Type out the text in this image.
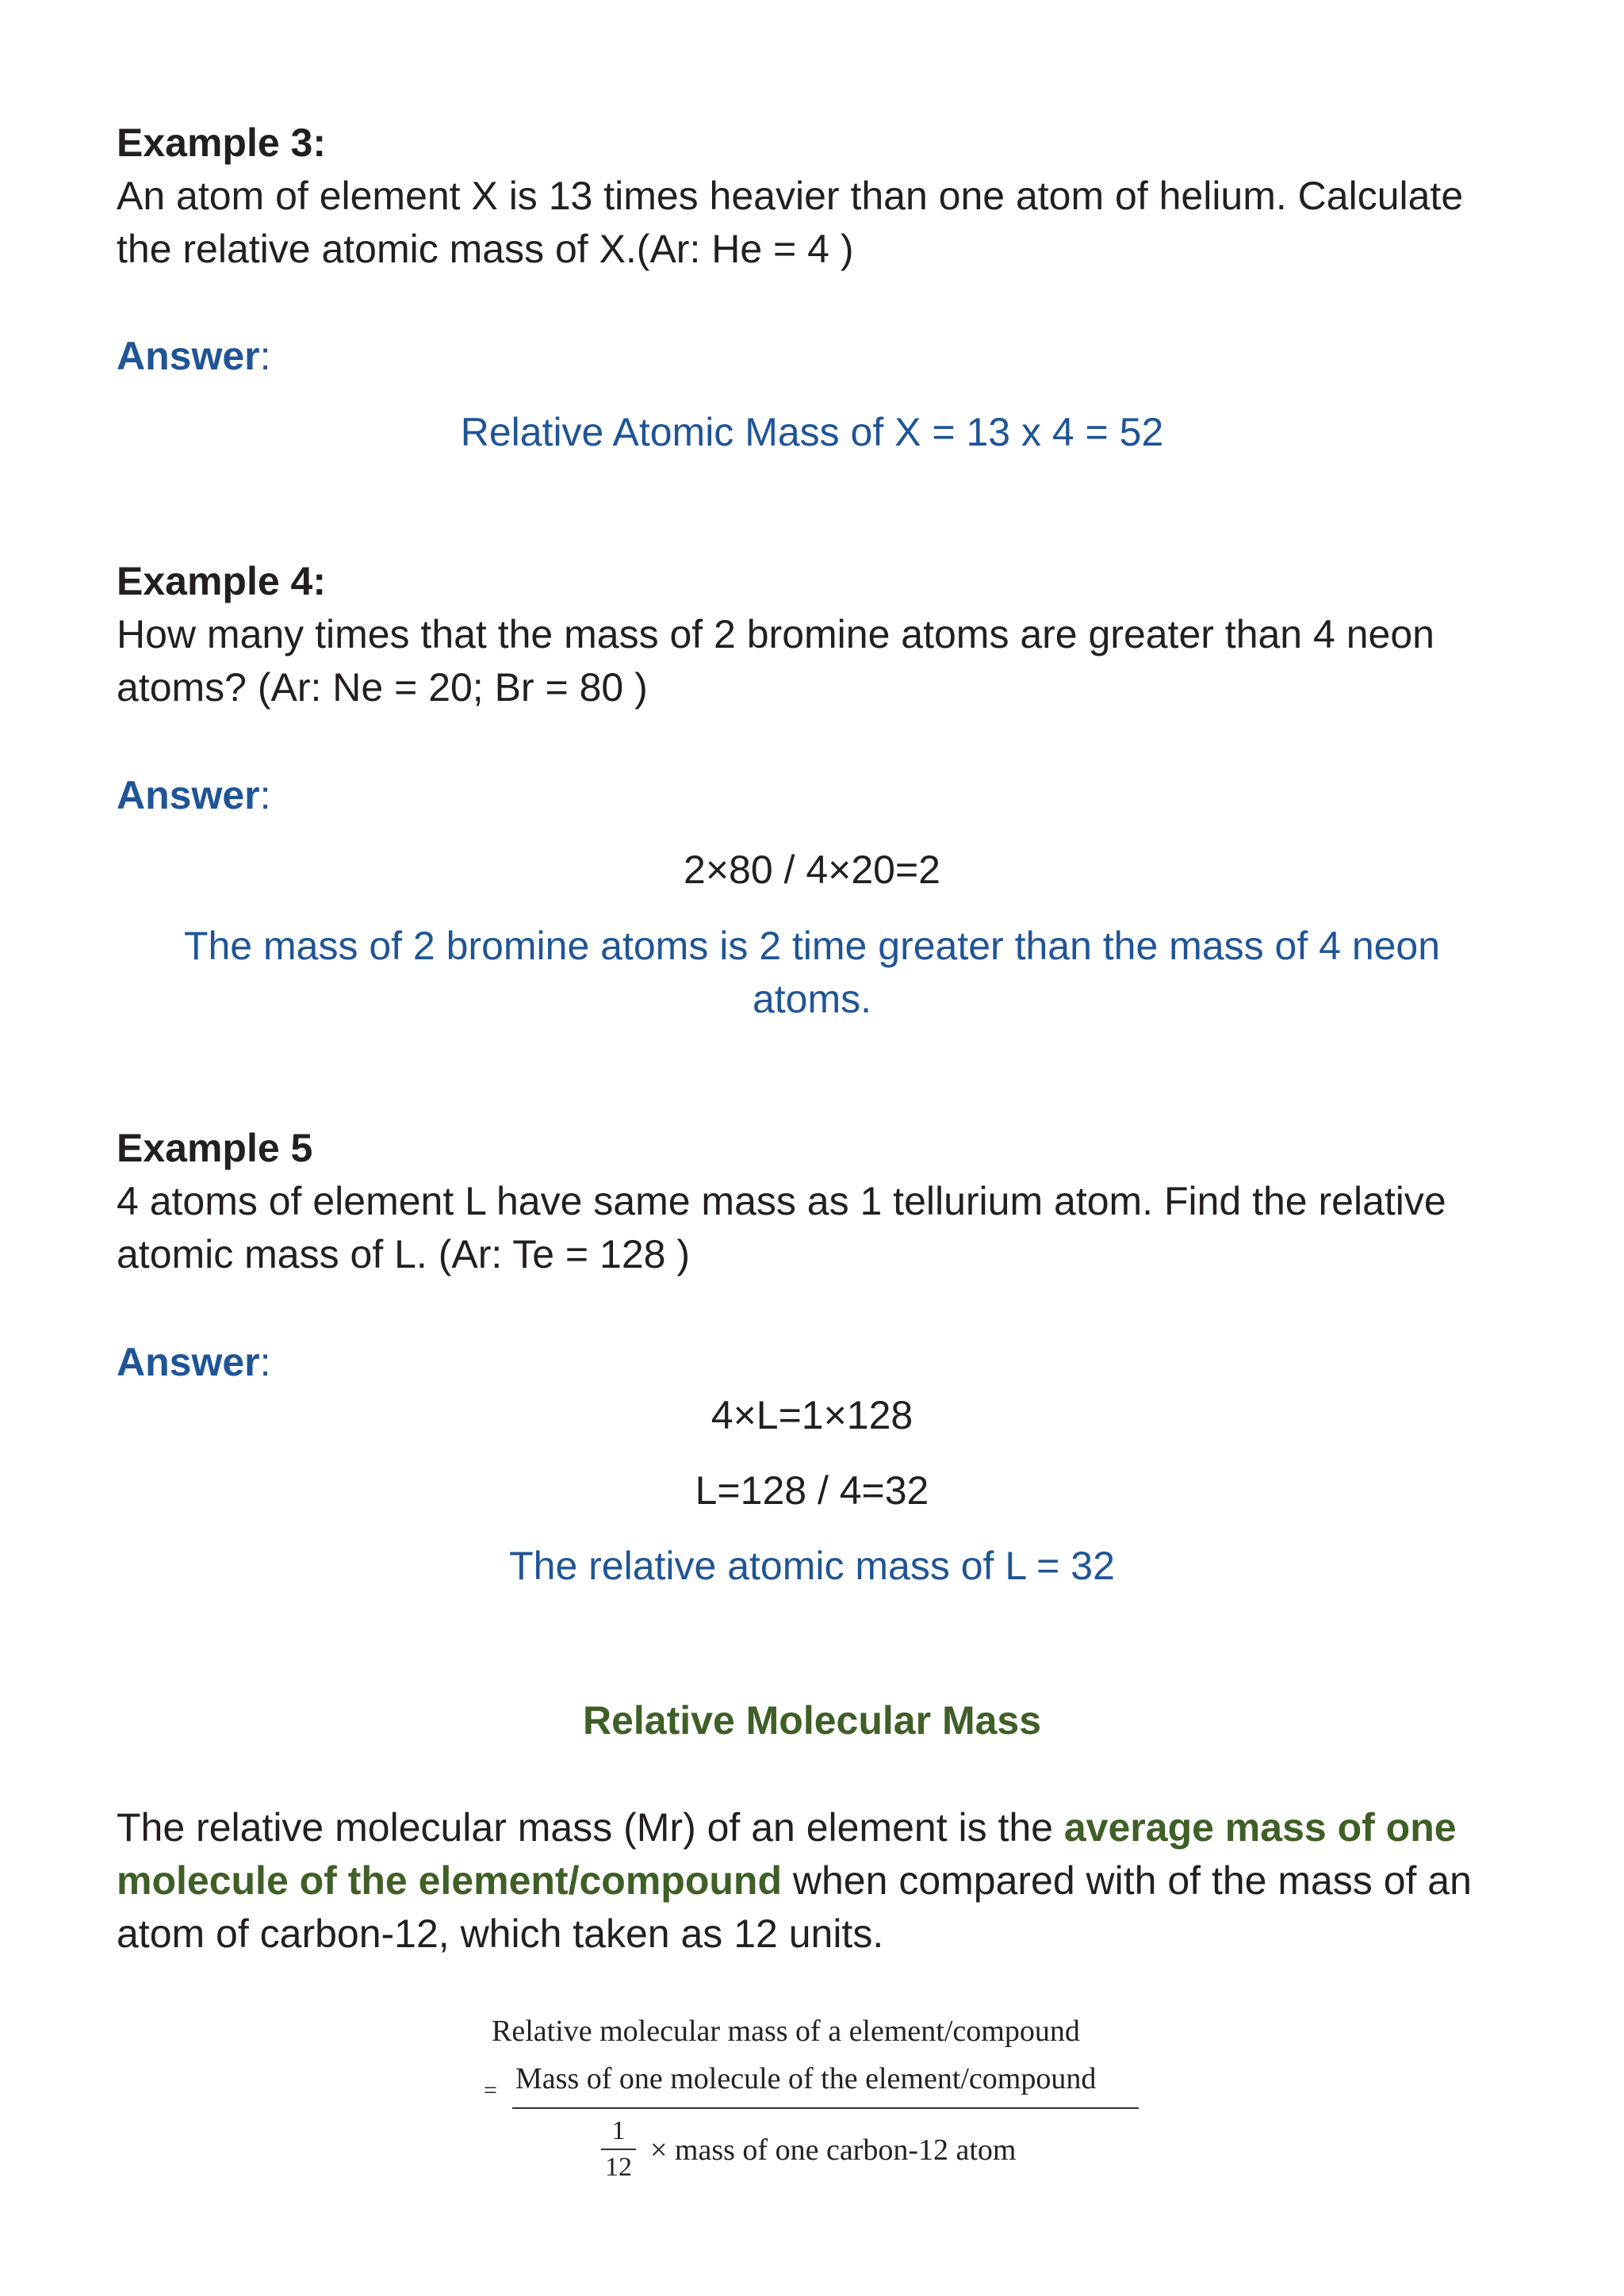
Example 3:
An atom of element X is 13 times heavier than one atom of helium. Calculate
the relative atomic mass of X.(Ar: He = 4 )
Answer:
Relative Atomic Mass of X = 13 x 4 = 52
Example 4:
How many times that the mass of 2 bromine atoms are greater than 4 neon
atoms? (Ar: Ne = 20; Br = 80 )
Answer:
2×80 / 4×20=2
The mass of 2 bromine atoms is 2 time greater than the mass of 4 neon
atoms.
Example 5
4 atoms of element L have same mass as 1 tellurium atom. Find the relative
atomic mass of L. (Ar: Te = 128 )
Answer:
4×L=1×128
L=128 / 4=32
The relative atomic mass of L = 32
Relative Molecular Mass
The relative molecular mass (Mr) of an element is the average mass of one
molecule of the element/compound when compared with of the mass of an
atom of carbon-12, which taken as 12 units.
Relative molecular mass of a element/compound
= Mass of one molecule of the element/compound
1
12
× mass of one carbon-12 atom
